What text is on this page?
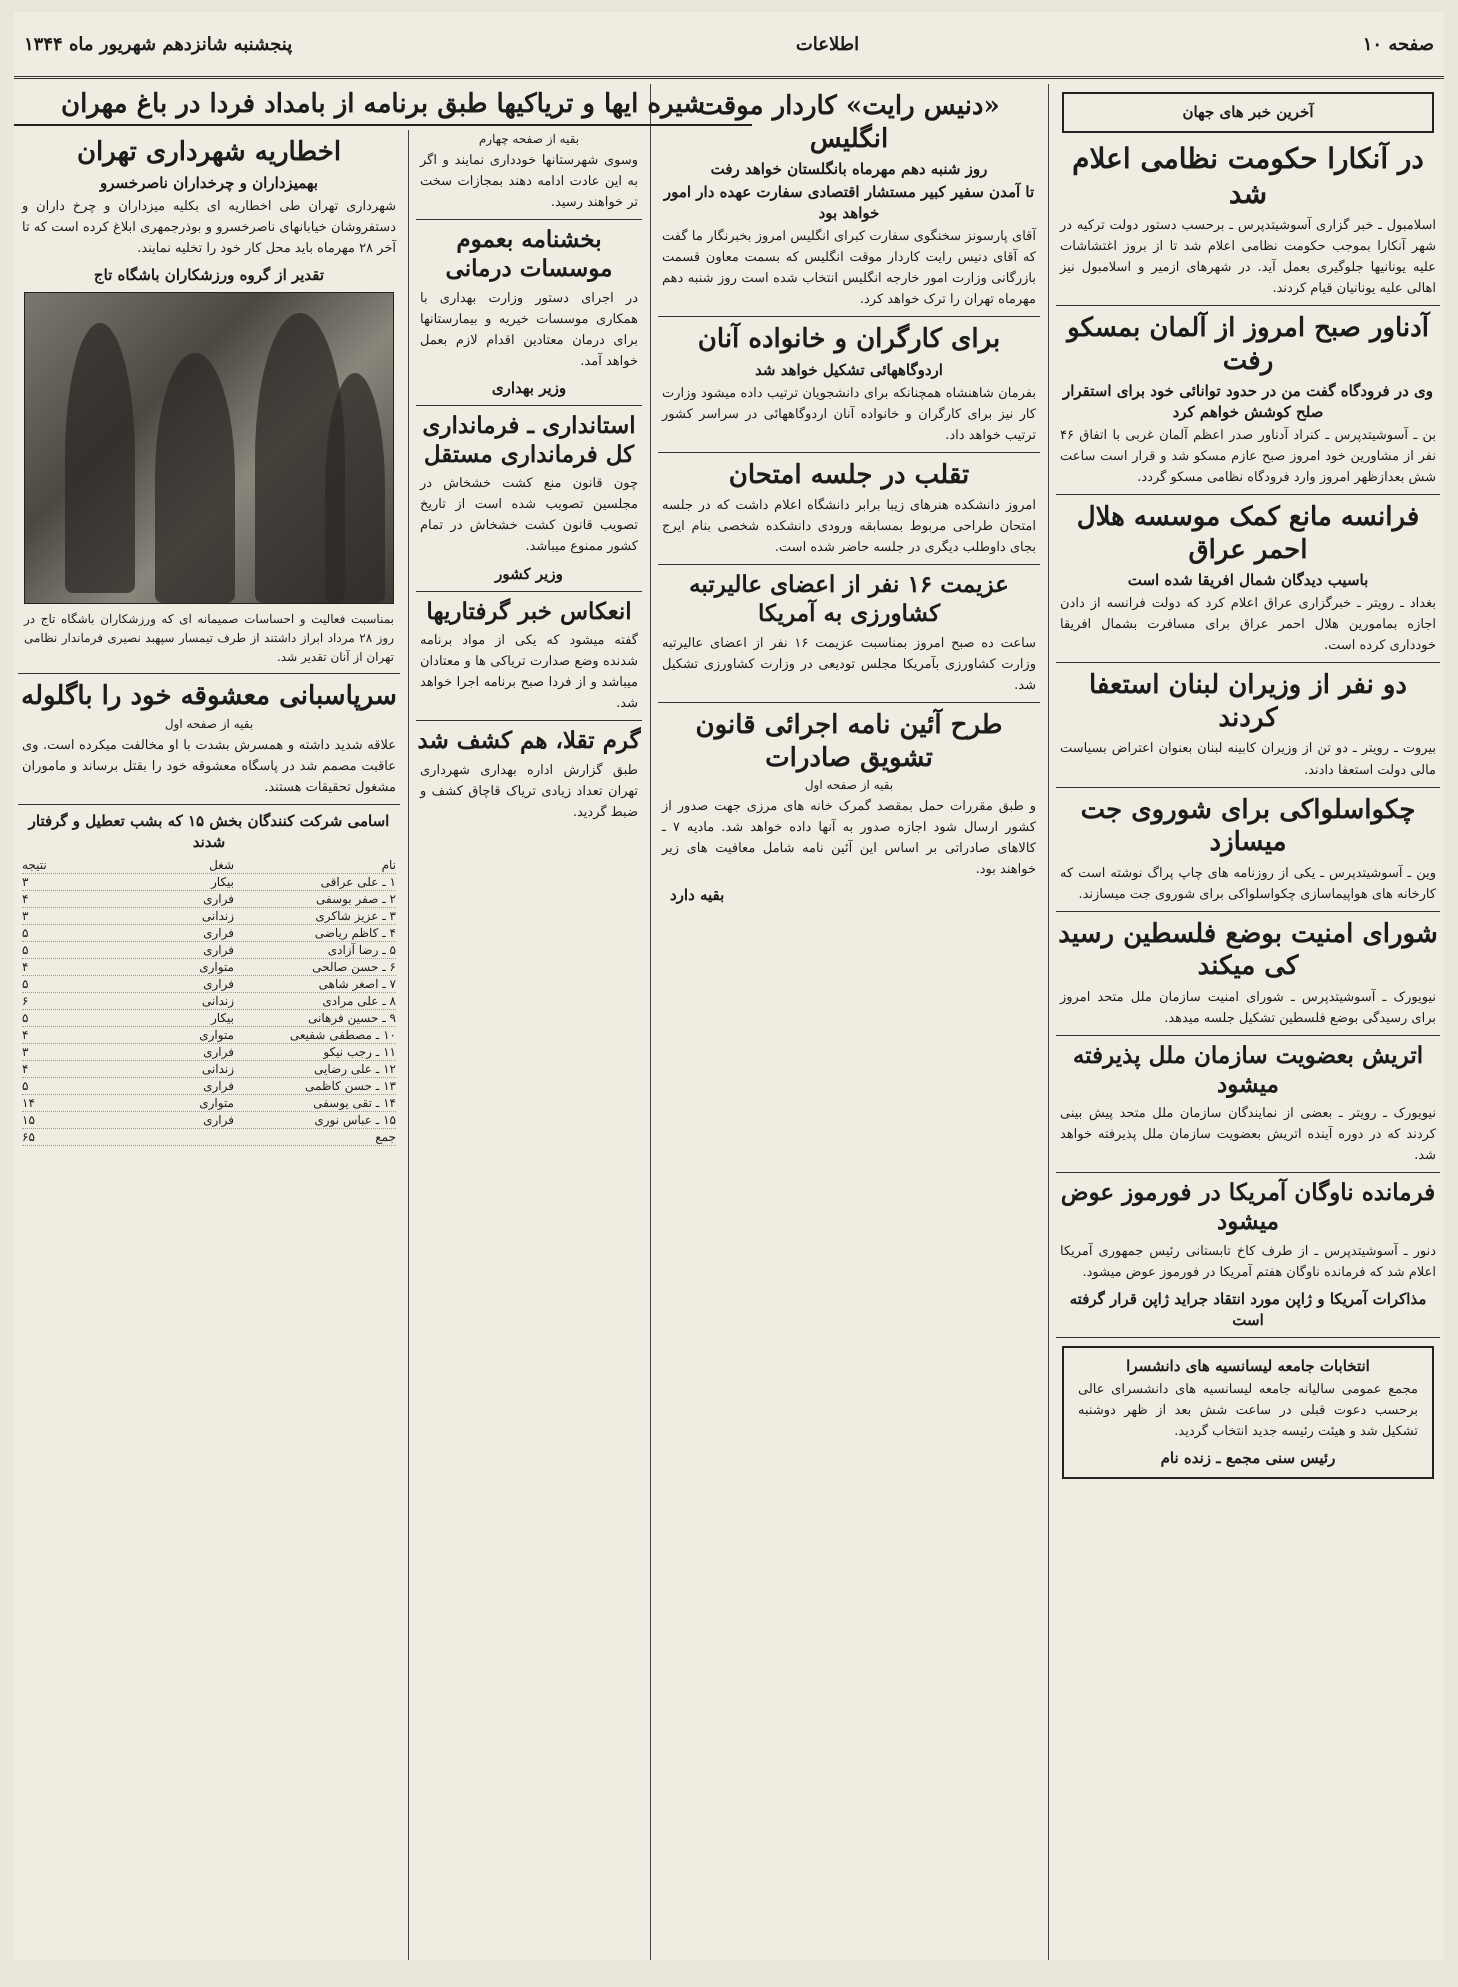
پنجشنبه شانزدهم شهریور ماه ۱۳۴۴	اطلاعات	صفحه ۱۰
آخرین خبر های جهان
در آنکارا حکومت نظامی اعلام شد
اسلامبول ـ خبر گزاری آسوشیتدپرس ـ برحسب دستور دولت ترکیه در شهر آنکارا بموجب حکومت نظامی اعلام شد تا از بروز اغتشاشات علیه یونانیها جلوگیری بعمل آید. در شهرهای ازمیر و اسلامبول نیز اهالی علیه یونانیان قیام کردند.
آدناور صبح امروز از آلمان بمسکو رفت
وی در فرودگاه گفت من در حدود توانائی خود برای استقرار صلح کوشش خواهم کرد
بن ـ آسوشیتدپرس ـ کنراد آدناور صدر اعظم آلمان غربی با اتفاق ۴۶ نفر از مشاورین خود امروز صبح عازم مسکو شد و قرار است ساعت شش بعدازظهر امروز وارد فرودگاه نظامی مسکو گردد.
فرانسه مانع کمک موسسه هلال احمر عراق
باسیب دیدگان شمال افریقا شده است
بغداد ـ رویتر ـ خبرگزاری عراق اعلام کرد که دولت فرانسه از دادن اجازه بمامورین هلال احمر عراق برای مسافرت بشمال افریقا خودداری کرده است.
دو نفر از وزیران لبنان استعفا کردند
بیروت ـ رویتر ـ دو تن از وزیران کابینه لبنان بعنوان اعتراض بسیاست مالی دولت استعفا دادند.
چکواسلواکی برای شوروی جت میسازد
وین ـ آسوشیتدپرس ـ یکی از روزنامه های چاپ پراگ نوشته است که کارخانه های هواپیماسازی چکواسلواکی برای شوروی جت میسازند.
شورای امنیت بوضع فلسطین رسید کی میکند
نیویورک ـ آسوشیتدپرس ـ شورای امنیت سازمان ملل متحد امروز برای رسیدگی بوضع فلسطین تشکیل جلسه میدهد.
اتریش بعضویت سازمان ملل پذیرفته میشود
نیویورک ـ رویتر ـ بعضی از نمایندگان سازمان ملل متحد پیش بینی کردند که در دوره آینده اتریش بعضویت سازمان ملل پذیرفته خواهد شد.
فرمانده ناوگان آمریکا در فورموز عوض میشود
دنور ـ آسوشیتدپرس ـ از طرف کاخ تابستانی رئیس جمهوری آمریکا اعلام شد که فرمانده ناوگان هفتم آمریکا در فورموز عوض میشود.
مذاکرات آمریکا و ژاپن مورد انتقاد جراید ژاپن قرار گرفته است
انتخابات جامعه لیسانسیه های دانشسرا
مجمع عمومی سالیانه جامعه لیسانسیه های دانشسرای عالی برحسب دعوت قبلی در ساعت شش بعد از ظهر دوشنبه تشکیل شد و هیئت رئیسه جدید انتخاب گردید.
رئیس سنی مجمع ـ زنده نام
«دنیس رایت» کاردار موقت انگلیس
روز شنبه دهم مهرماه بانگلستان خواهد رفت
تا آمدن سفیر کبیر مستشار اقتصادی سفارت عهده دار امور خواهد بود
آقای پارسونز سخنگوی سفارت کبرای انگلیس امروز بخبرنگار ما گفت که آقای دنیس رایت کاردار موقت انگلیس که بسمت معاون قسمت بازرگانی وزارت امور خارجه انگلیس انتخاب شده است روز شنبه دهم مهرماه تهران را ترک خواهد کرد.
برای کارگران و خانواده آنان
اردوگاههائی تشکیل خواهد شد
بفرمان شاهنشاه همچنانکه برای دانشجویان ترتیب داده میشود وزارت کار نیز برای کارگران و خانواده آنان اردوگاههائی در سراسر کشور ترتیب خواهد داد.
تقلب در جلسه امتحان
امروز دانشکده هنرهای زیبا برابر دانشگاه اعلام داشت که در جلسه امتحان طراحی مربوط بمسابقه ورودی دانشکده شخصی بنام ایرج بجای داوطلب دیگری در جلسه حاضر شده است.
عزیمت ۱۶ نفر از اعضای عالیرتبه کشاورزی به آمریکا
ساعت ده صبح امروز بمناسبت عزیمت ۱۶ نفر از اعضای عالیرتبه وزارت کشاورزی بآمریکا مجلس تودیعی در وزارت کشاورزی تشکیل شد.
طرح آئین نامه اجرائی قانون تشویق صادرات
بقیه از صفحه اول
و طبق مقررات حمل بمقصد گمرک خانه های مرزی جهت صدور از کشور ارسال شود اجازه صدور به آنها داده خواهد شد. مادیه ۷ ـ کالاهای صادراتی بر اساس این آئین نامه شامل معافیت های زیر خواهند بود.
بقیه دارد
شیره ایها و تریاکیها طبق برنامه از بامداد فردا در باغ مهران
بقیه از صفحه چهارم
وسوی شهرستانها خودداری نمایند و اگر به این عادت ادامه دهند بمجازات سخت تر خواهند رسید.
بخشنامه بعموم موسسات درمانی
در اجرای دستور وزارت بهداری با همکاری موسسات خیریه و بیمارستانها برای درمان معتادین اقدام لازم بعمل خواهد آمد.
وزیر بهداری
استانداری ـ فرمانداری کل فرمانداری مستقل
چون قانون منع کشت خشخاش در مجلسین تصویب شده است از تاریخ تصویب قانون کشت خشخاش در تمام کشور ممنوع میباشد.
وزیر کشور
انعکاس خبر گرفتاریها
گفته میشود که یکی از مواد برنامه شدنده وضع صدارت تریاکی ها و معتادان میباشد و از فردا صبح برنامه اجرا خواهد شد.
گرم تقلا، هم کشف شد
طبق گزارش اداره بهداری شهرداری تهران تعداد زیادی تریاک قاچاق کشف و ضبط گردید.
اخطاریه شهرداری تهران
بهمیزداران و چرخداران ناصرخسرو
شهرداری تهران طی اخطاریه ای بکلیه میزداران و چرخ داران و دستفروشان خیابانهای ناصرخسرو و بوذرجمهری ابلاغ کرده است که تا آخر ۲۸ مهرماه باید محل کار خود را تخلیه نمایند.
تقدیر از گروه ورزشکاران باشگاه تاج
بمناسبت فعالیت و احساسات صمیمانه ای که ورزشکاران باشگاه تاج در روز ۲۸ مرداد ابراز داشتند از طرف تیمسار سپهبد نصیری فرماندار نظامی تهران از آنان تقدیر شد.
سرپاسبانی معشوقه خود را باگلوله
بقیه از صفحه اول
علاقه شدید داشته و همسرش بشدت با او مخالفت میکرده است. وی عاقبت مصمم شد در پاسگاه معشوقه خود را بقتل برساند و ماموران مشغول تحقیقات هستند.
اسامی شرکت کنندگان بخش ۱۵ که بشب تعطیل و گرفتار شدند
نام
شغل
نتیجه
۱ ـ علی عراقی
بیکار
۳
۲ ـ صفر بوسفی
فراری
۴
۳ ـ عزیز شاکری
زندانی
۳
۴ ـ کاظم ریاضی
فراری
۵
۵ ـ رضا آزادی
فراری
۵
۶ ـ حسن صالحی
متواری
۴
۷ ـ اصغر شاهی
فراری
۵
۸ ـ علی مرادی
زندانی
۶
۹ ـ حسین فرهانی
بیکار
۵
۱۰ ـ مصطفی شفیعی
متواری
۴
۱۱ ـ رجب نیکو
فراری
۳
۱۲ ـ علی رضایی
زندانی
۴
۱۳ ـ حسن کاظمی
فراری
۵
۱۴ ـ تقی یوسفی
متواری
۱۴
۱۵ ـ عباس نوری
فراری
۱۵
جمع
۶۵
